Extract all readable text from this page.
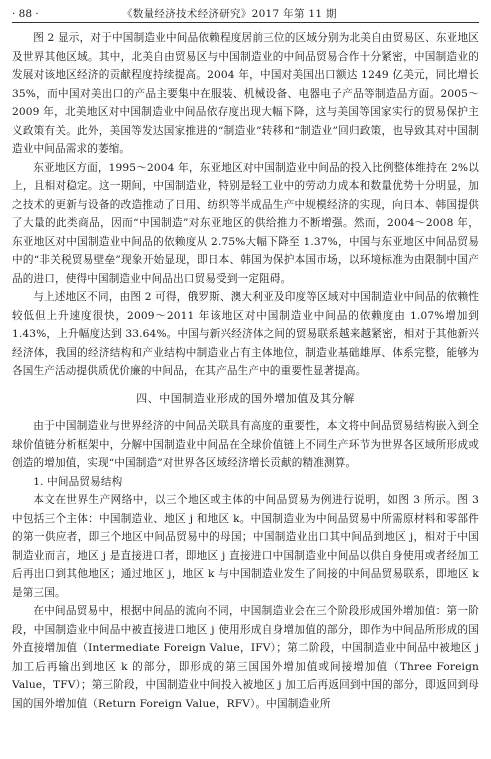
· 88 ·	《数量经济技术经济研究》2017 年第 11 期

图 2 显示，对于中国制造业中间品依赖程度居前三位的区域分别为北美自由贸易区、东亚地区及世界其他区域。其中，北美自由贸易区与中国制造业的中间品贸易合作十分紧密，中国制造业的发展对该地区经济的贡献程度持续提高。2004 年，中国对美国出口额达 1249 亿美元，同比增长 35%，而中国对美出口的产品主要集中在服装、机械设备、电器电子产品等制造品方面。2005～2009 年，北美地区对中国制造业中间品依存度出现大幅下降，这与美国等国家实行的贸易保护主义政策有关。此外，美国等发达国家推进的“制造业”转移和“制造业”回归政策，也导致其对中国制造业中间品需求的萎缩。

东亚地区方面，1995～2004 年，东亚地区对中国制造业中间品的投入比例整体维持在 2%以上，且相对稳定。这一期间，中国制造业，特别是轻工业中的劳动力成本和数量优势十分明显，加之技术的更新与设备的改造推动了日用、纺织等半成品生产中规模经济的实现，向日本、韩国提供了大量的此类商品，因而“中国制造”对东亚地区的供给推力不断增强。然而，2004～2008 年，东亚地区对中国制造业中间品的依赖度从 2.75%大幅下降至 1.37%，中国与东亚地区中间品贸易中的“非关税贸易壁垒”现象开始显现，即日本、韩国为保护本国市场，以环境标准为由限制中国产品的进口，使得中国制造业中间品出口贸易受到一定阻碍。

与上述地区不同，由图 2 可得，俄罗斯、澳大利亚及印度等区域对中国制造业中间品的依赖性较低但上升速度很快，2009～2011 年该地区对中国制造业中间品的依赖度由 1.07%增加到 1.43%，上升幅度达到 33.64%。中国与新兴经济体之间的贸易联系越来越紧密，相对于其他新兴经济体，我国的经济结构和产业结构中制造业占有主体地位，制造业基础雄厚、体系完整，能够为各国生产活动提供质优价廉的中间品，在其产品生产中的重要性显著提高。

四、中国制造业形成的国外增加值及其分解

由于中国制造业与世界经济的中间品关联具有高度的重要性，本文将中间品贸易结构嵌入到全球价值链分析框架中，分解中国制造业中间品在全球价值链上不同生产环节为世界各区域所形成或创造的增加值，实现“中国制造”对世界各区域经济增长贡献的精准测算。

1. 中间品贸易结构

本文在世界生产网络中，以三个地区或主体的中间品贸易为例进行说明，如图 3 所示。图 3 中包括三个主体：中国制造业、地区 j 和地区 k。中国制造业为中间品贸易中所需原材料和零部件的第一供应者，即三个地区中间品贸易中的母国；中国制造业出口其中间品到地区 j，相对于中国制造业而言，地区 j 是直接进口者，即地区 j 直接进口中国制造业中间品以供自身使用或者经加工后再出口到其他地区；通过地区 j，地区 k 与中国制造业发生了间接的中间品贸易联系，即地区 k 是第三国。

在中间品贸易中，根据中间品的流向不同，中国制造业会在三个阶段形成国外增加值：第一阶段，中国制造业中间品中被直接进口地区 j 使用形成自身增加值的部分，即作为中间品所形成的国外直接增加值（Intermediate Foreign Value，IFV）；第二阶段，中国制造业中间品中被地区 j 加工后再输出到地区 k 的部分，即形成的第三国国外增加值或间接增加值（Three Foreign Value，TFV）；第三阶段，中国制造业中间投入被地区 j 加工后再返回到中国的部分，即返回到母国的国外增加值（Return Foreign Value，RFV）。中国制造业所
